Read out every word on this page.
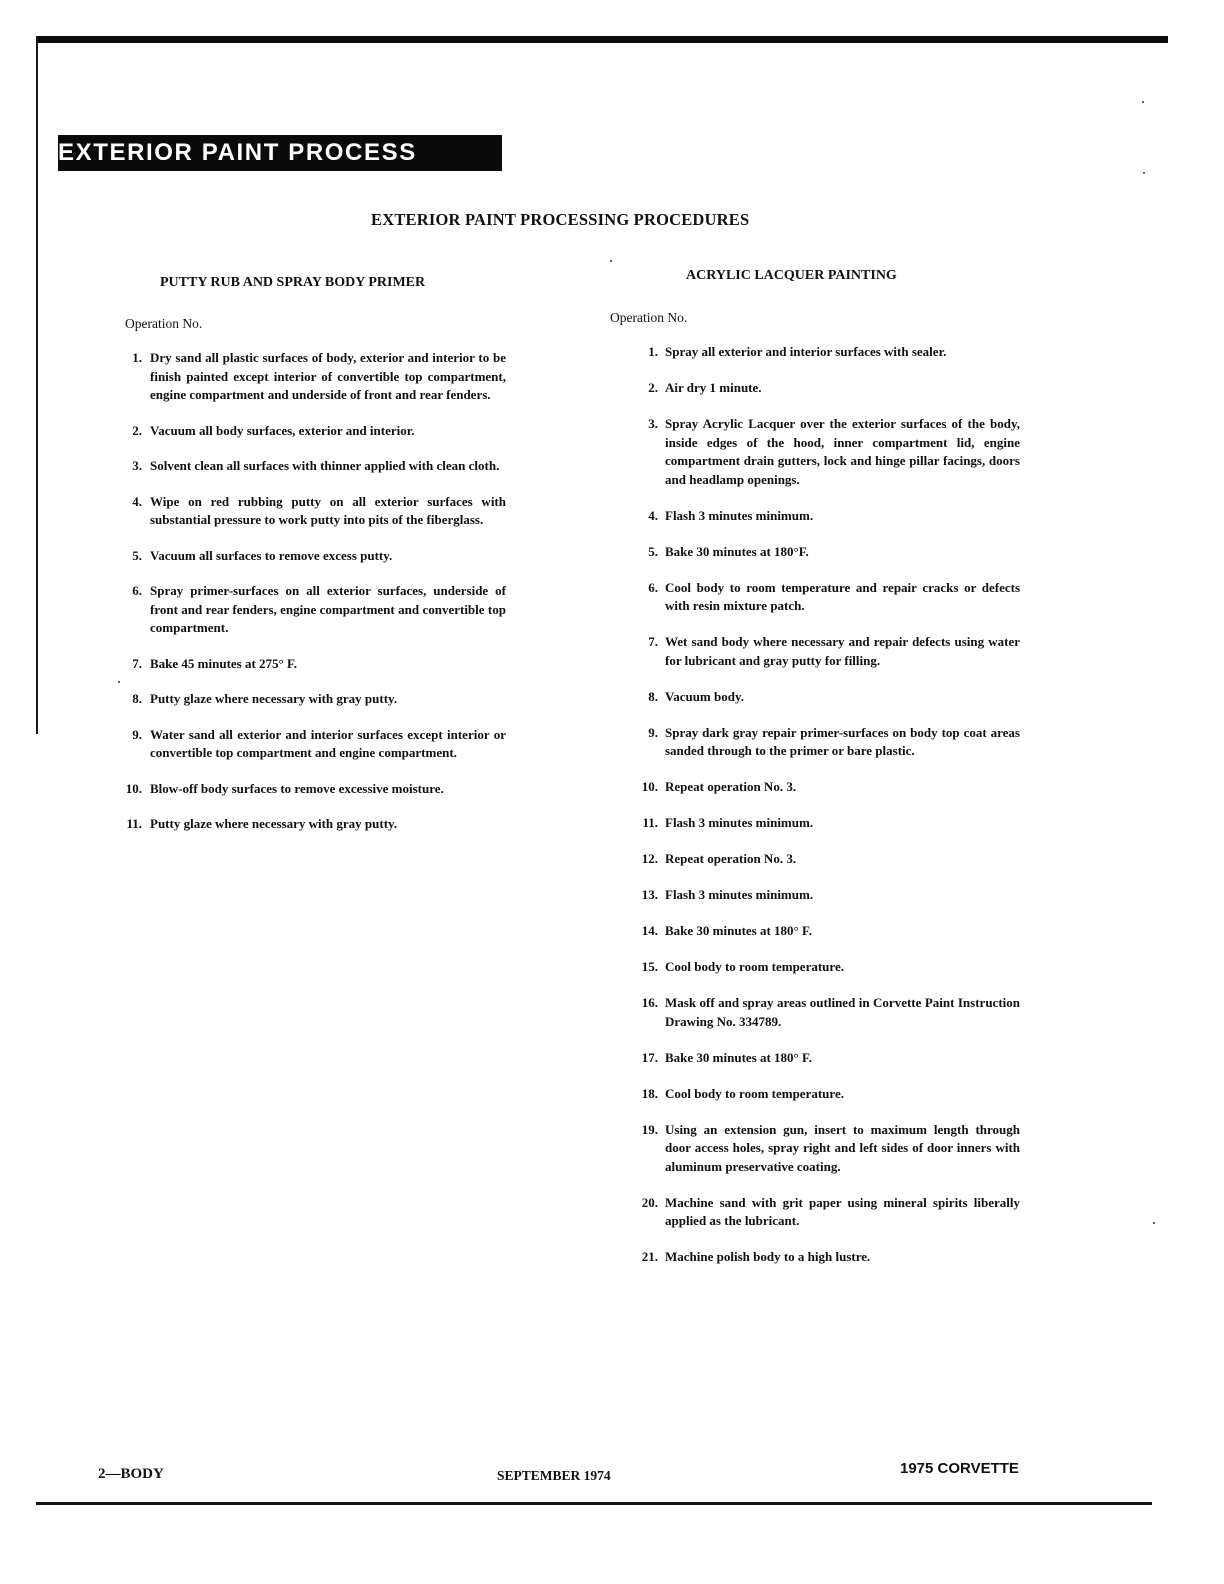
EXTERIOR PAINT PROCESS
EXTERIOR PAINT PROCESSING PROCEDURES
PUTTY RUB AND SPRAY BODY PRIMER
Operation No.
1. Dry sand all plastic surfaces of body, exterior and interior to be finish painted except interior of convertible top compartment, engine compartment and underside of front and rear fenders.
2. Vacuum all body surfaces, exterior and interior.
3. Solvent clean all surfaces with thinner applied with clean cloth.
4. Wipe on red rubbing putty on all exterior surfaces with substantial pressure to work putty into pits of the fiberglass.
5. Vacuum all surfaces to remove excess putty.
6. Spray primer-surfaces on all exterior surfaces, underside of front and rear fenders, engine compartment and convertible top compartment.
7. Bake 45 minutes at 275° F.
8. Putty glaze where necessary with gray putty.
9. Water sand all exterior and interior surfaces except interior or convertible top compartment and engine compartment.
10. Blow-off body surfaces to remove excessive moisture.
11. Putty glaze where necessary with gray putty.
ACRYLIC LACQUER PAINTING
Operation No.
1. Spray all exterior and interior surfaces with sealer.
2. Air dry 1 minute.
3. Spray Acrylic Lacquer over the exterior surfaces of the body, inside edges of the hood, inner compartment lid, engine compartment drain gutters, lock and hinge pillar facings, doors and headlamp openings.
4. Flash 3 minutes minimum.
5. Bake 30 minutes at 180°F.
6. Cool body to room temperature and repair cracks or defects with resin mixture patch.
7. Wet sand body where necessary and repair defects using water for lubricant and gray putty for filling.
8. Vacuum body.
9. Spray dark gray repair primer-surfaces on body top coat areas sanded through to the primer or bare plastic.
10. Repeat operation No. 3.
11. Flash 3 minutes minimum.
12. Repeat operation No. 3.
13. Flash 3 minutes minimum.
14. Bake 30 minutes at 180° F.
15. Cool body to room temperature.
16. Mask off and spray areas outlined in Corvette Paint Instruction Drawing No. 334789.
17. Bake 30 minutes at 180° F.
18. Cool body to room temperature.
19. Using an extension gun, insert to maximum length through door access holes, spray right and left sides of door inners with aluminum preservative coating.
20. Machine sand with grit paper using mineral spirits liberally applied as the lubricant.
21. Machine polish body to a high lustre.
2—BODY	SEPTEMBER 1974	1975 CORVETTE
